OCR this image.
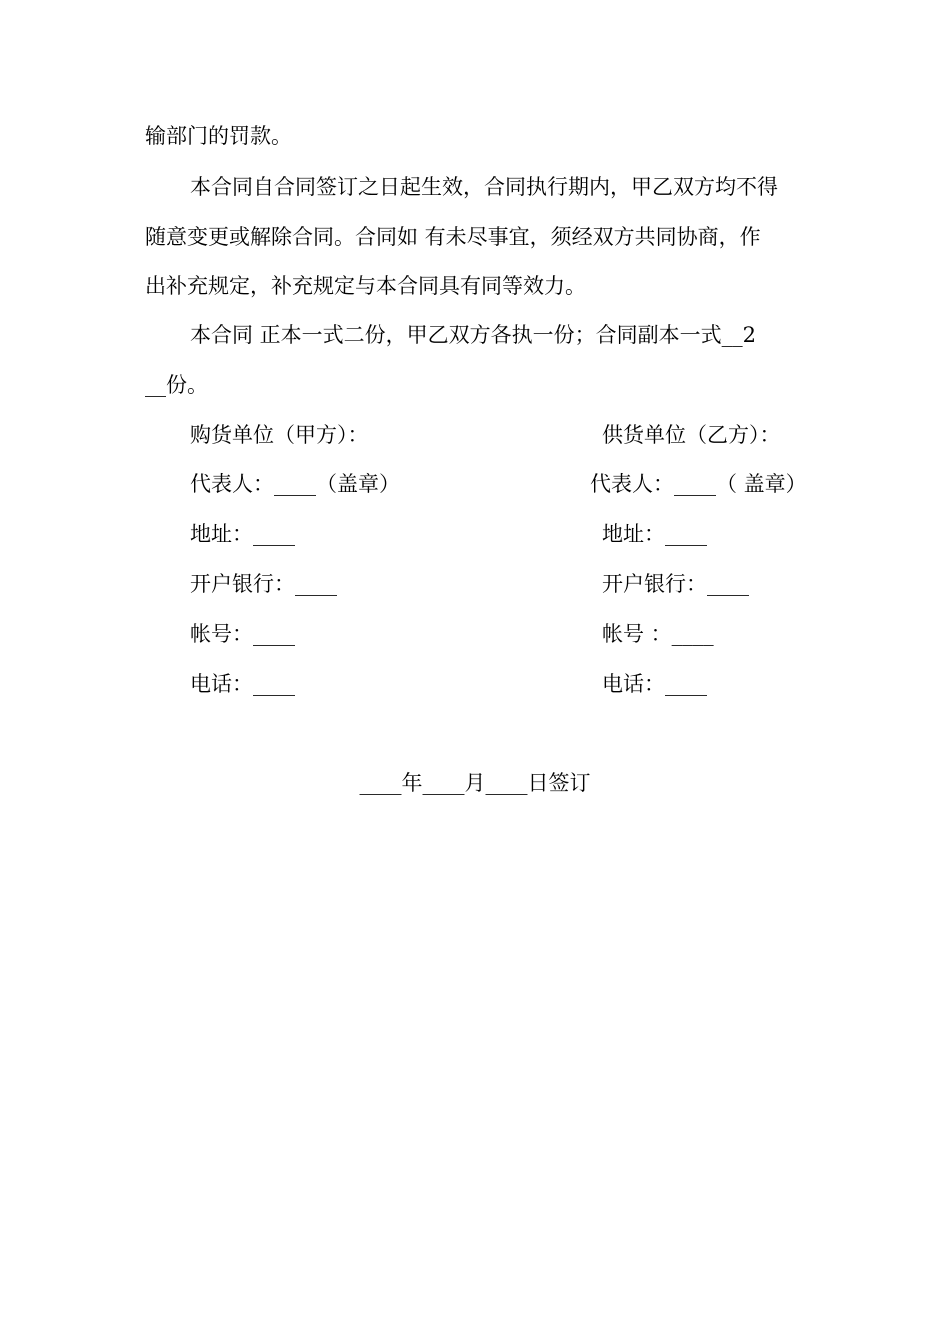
输部门的罚款。
本合同自合同签订之日起生效，合同执行期内，甲乙双方均不得
随意变更或解除合同。合同如 有未尽事宜，须经双方共同协商，作
出补充规定，补充规定与本合同具有同等效力。
本合同 正本一式二份，甲乙双方各执一份；合同副本一式__2
__份。
购货单位（甲方）：
代表人：____（盖章）
地址：____
开户银行：____
帐号：____
电话：____
供货单位（乙方）：
代表人：____（ 盖章）
地址：____
开户银行：____
帐号 ：____
电话：____
____年____月____日签订
